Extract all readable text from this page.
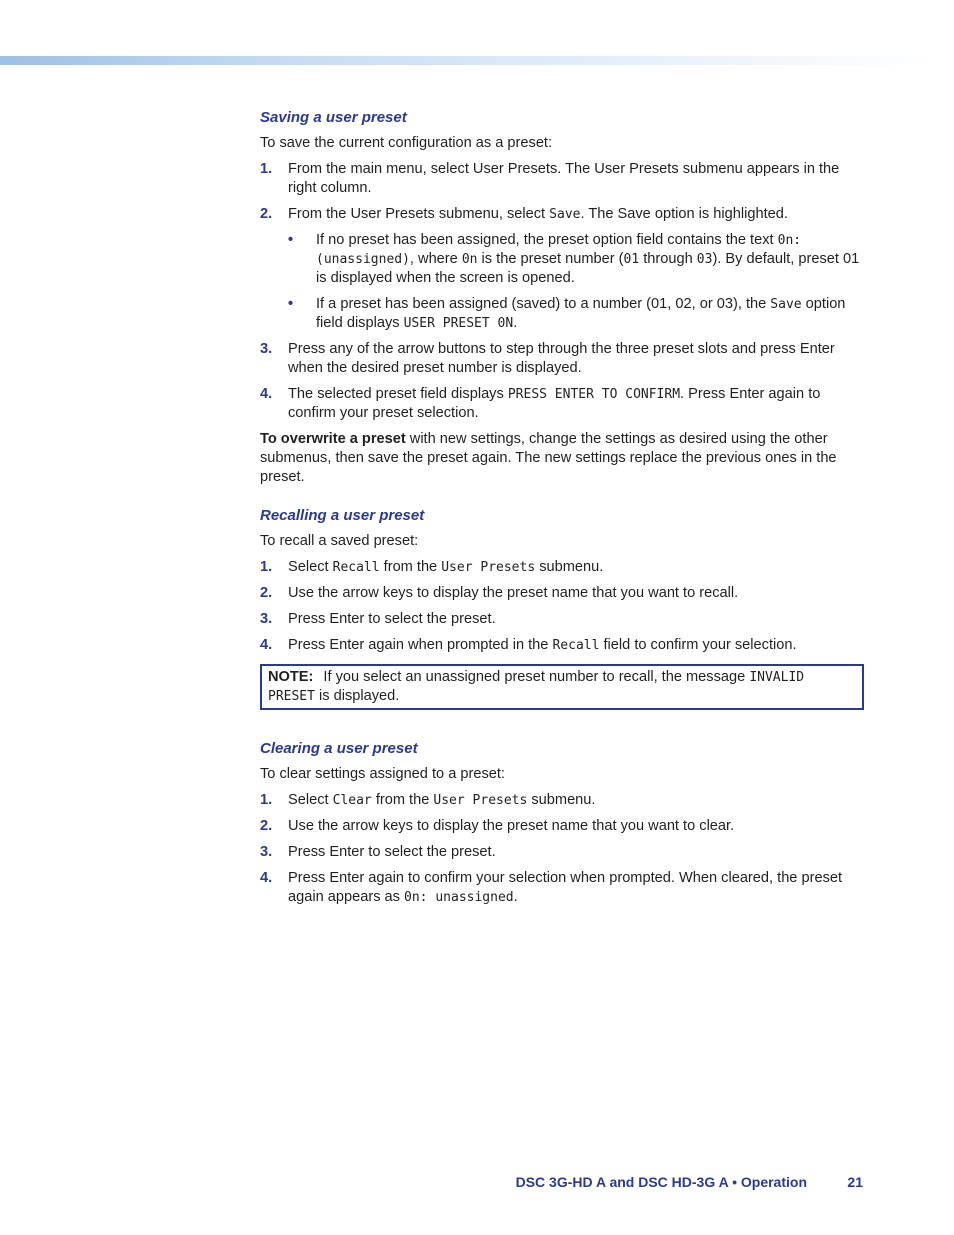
Saving a user preset

To save the current configuration as a preset:

1. From the main menu, select User Presets. The User Presets submenu appears in the right column.
2. From the User Presets submenu, select Save. The Save option is highlighted.
• If no preset has been assigned, the preset option field contains the text 0n:(unassigned), where 0n is the preset number (01 through 03). By default, preset 01 is displayed when the screen is opened.
• If a preset has been assigned (saved) to a number (01, 02, or 03), the Save option field displays USER PRESET 0N.
3. Press any of the arrow buttons to step through the three preset slots and press Enter when the desired preset number is displayed.
4. The selected preset field displays PRESS ENTER TO CONFIRM. Press Enter again to confirm your preset selection.

To overwrite a preset with new settings, change the settings as desired using the other submenus, then save the preset again. The new settings replace the previous ones in the preset.

Recalling a user preset

To recall a saved preset:

1. Select Recall from the User Presets submenu.
2. Use the arrow keys to display the preset name that you want to recall.
3. Press Enter to select the preset.
4. Press Enter again when prompted in the Recall field to confirm your selection.
NOTE: If you select an unassigned preset number to recall, the message INVALID PRESET is displayed.
Clearing a user preset

To clear settings assigned to a preset:

1. Select Clear from the User Presets submenu.
2. Use the arrow keys to display the preset name that you want to clear.
3. Press Enter to select the preset.
4. Press Enter again to confirm your selection when prompted. When cleared, the preset again appears as 0n: unassigned.
DSC 3G-HD A and DSC HD-3G A • Operation	21
